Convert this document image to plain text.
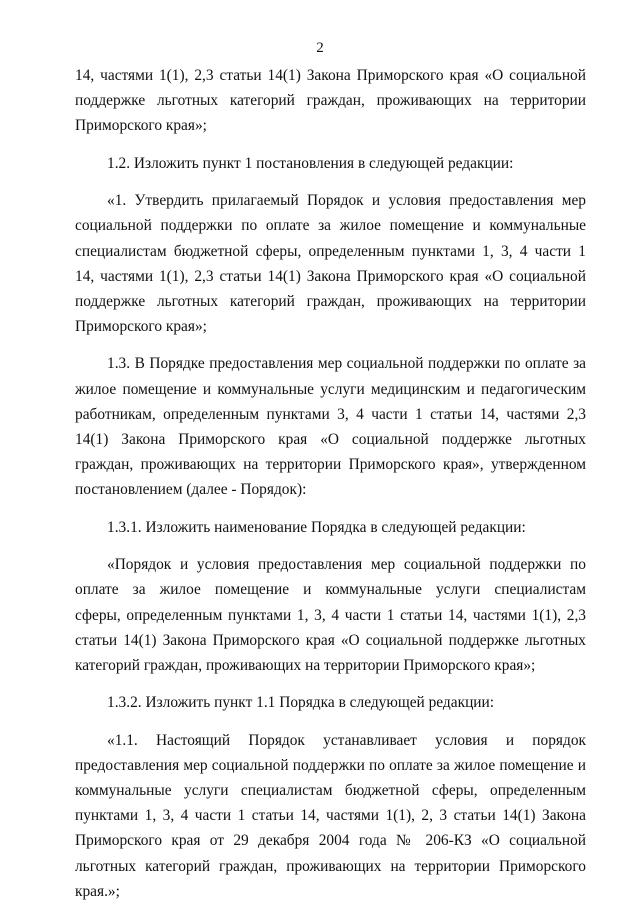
2
14, частями 1(1), 2,3 статьи 14(1) Закона Приморского края «О социальной
поддержке льготных категорий граждан, проживающих на территории
Приморского края»;
1.2. Изложить пункт 1 постановления в следующей редакции:
«1. Утвердить прилагаемый Порядок и условия предоставления мер
социальной поддержки по оплате за жилое помещение и коммунальные
специалистам бюджетной сферы, определенным пунктами 1, 3, 4 части 1
14, частями 1(1), 2,3 статьи 14(1) Закона Приморского края «О социальной
поддержке льготных категорий граждан, проживающих на территории
Приморского края»;
1.3. В Порядке предоставления мер социальной поддержки по оплате за
жилое помещение и коммунальные услуги медицинским и педагогическим
работникам, определенным пунктами 3, 4 части 1 статьи 14, частями 2,3
14(1) Закона Приморского края «О социальной поддержке льготных
граждан, проживающих на территории Приморского края», утвержденном
постановлением (далее - Порядок):
1.3.1. Изложить наименование Порядка в следующей редакции:
«Порядок и условия предоставления мер социальной поддержки по
оплате за жилое помещение и коммунальные услуги специалистам
сферы, определенным пунктами 1, 3, 4 части 1 статьи 14, частями 1(1), 2,3
статьи 14(1) Закона Приморского края «О социальной поддержке льготных
категорий граждан, проживающих на территории Приморского края»;
1.3.2. Изложить пункт 1.1 Порядка в следующей редакции:
«1.1. Настоящий Порядок устанавливает условия и порядок
предоставления мер социальной поддержки по оплате за жилое помещение и
коммунальные услуги специалистам бюджетной сферы, определенным
пунктами 1, 3, 4 части 1 статьи 14, частями 1(1), 2, 3 статьи 14(1) Закона
Приморского края от 29 декабря 2004 года № 206-КЗ «О социальной
льготных категорий граждан, проживающих на территории Приморского
края.»;
